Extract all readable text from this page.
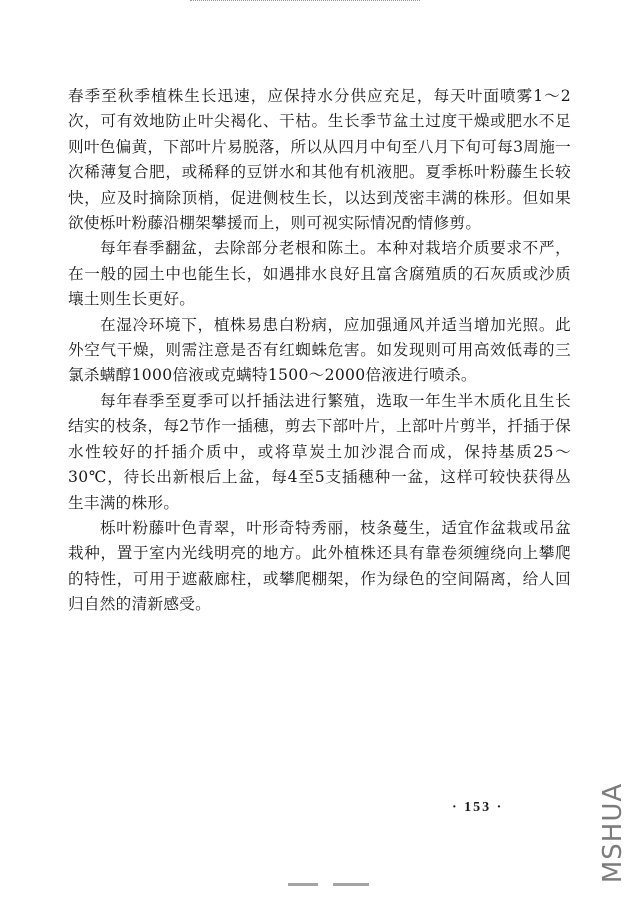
春季至秋季植株生长迅速，应保持水分供应充足，每天叶面喷雾1～2次，可有效地防止叶尖褐化、干枯。生长季节盆土过度干燥或肥水不足则叶色偏黄，下部叶片易脱落，所以从四月中旬至八月下旬可每3周施一次稀薄复合肥，或稀释的豆饼水和其他有机液肥。夏季栎叶粉藤生长较快，应及时摘除顶梢，促进侧枝生长，以达到茂密丰满的株形。但如果欲使栎叶粉藤沿棚架攀援而上，则可视实际情况酌情修剪。

每年春季翻盆，去除部分老根和陈土。本种对栽培介质要求不严，在一般的园土中也能生长，如遇排水良好且富含腐殖质的石灰质或沙质壤土则生长更好。

在湿冷环境下，植株易患白粉病，应加强通风并适当增加光照。此外空气干燥，则需注意是否有红蜘蛛危害。如发现则可用高效低毒的三氯杀螨醇1000倍液或克螨特1500～2000倍液进行喷杀。

每年春季至夏季可以扦插法进行繁殖，选取一年生半木质化且生长结实的枝条，每2节作一插穗，剪去下部叶片，上部叶片剪半，扦插于保水性较好的扦插介质中，或将草炭土加沙混合而成，保持基质25～30℃，待长出新根后上盆，每4至5支插穗种一盆，这样可较快获得丛生丰满的株形。

栎叶粉藤叶色青翠，叶形奇特秀丽，枝条蔓生，适宜作盆栽或吊盆栽种，置于室内光线明亮的地方。此外植株还具有靠卷须缠绕向上攀爬的特性，可用于遮蔽廊柱，或攀爬棚架，作为绿色的空间隔离，给人回归自然的清新感受。

· 153 ·	MSHUA
